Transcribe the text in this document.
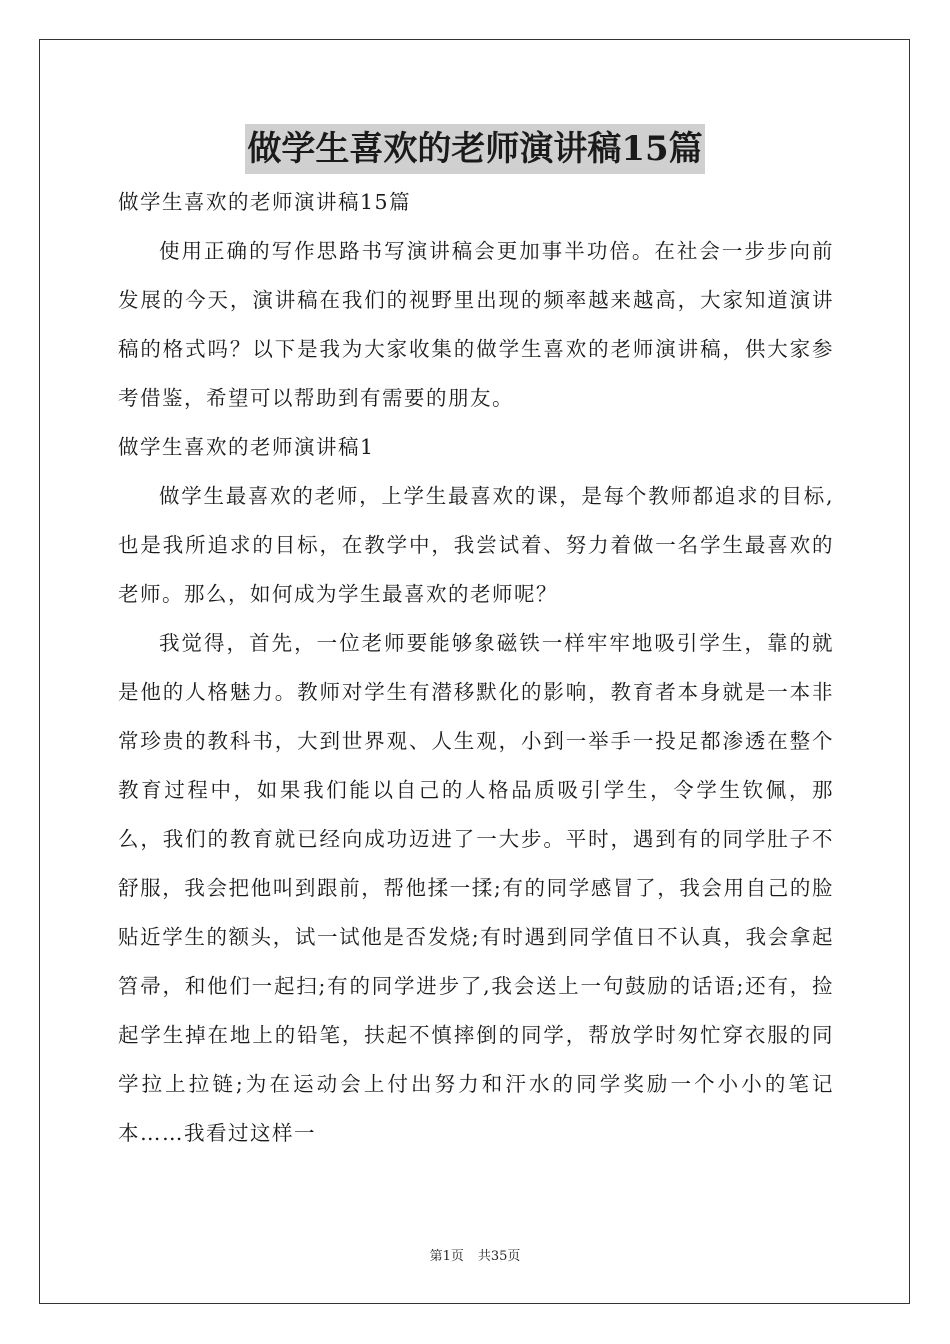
做学生喜欢的老师演讲稿15篇

做学生喜欢的老师演讲稿15篇

使用正确的写作思路书写演讲稿会更加事半功倍。在社会一步步向前发展的今天，演讲稿在我们的视野里出现的频率越来越高，大家知道演讲稿的格式吗？以下是我为大家收集的做学生喜欢的老师演讲稿，供大家参考借鉴，希望可以帮助到有需要的朋友。

做学生喜欢的老师演讲稿1

做学生最喜欢的老师，上学生最喜欢的课，是每个教师都追求的目标,也是我所追求的目标，在教学中，我尝试着、努力着做一名学生最喜欢的老师。那么，如何成为学生最喜欢的老师呢？

我觉得，首先，一位老师要能够象磁铁一样牢牢地吸引学生，靠的就是他的人格魅力。教师对学生有潜移默化的影响，教育者本身就是一本非常珍贵的教科书，大到世界观、人生观，小到一举手一投足都渗透在整个教育过程中，如果我们能以自己的人格品质吸引学生，令学生钦佩，那么，我们的教育就已经向成功迈进了一大步。平时，遇到有的同学肚子不舒服，我会把他叫到跟前，帮他揉一揉;有的同学感冒了，我会用自己的脸贴近学生的额头，试一试他是否发烧;有时遇到同学值日不认真，我会拿起笤帚，和他们一起扫;有的同学进步了,我会送上一句鼓励的话语;还有，捡起学生掉在地上的铅笔，扶起不慎摔倒的同学，帮放学时匆忙穿衣服的同学拉上拉链;为在运动会上付出努力和汗水的同学奖励一个小小的笔记本……我看过这样一

第1页 共35页
